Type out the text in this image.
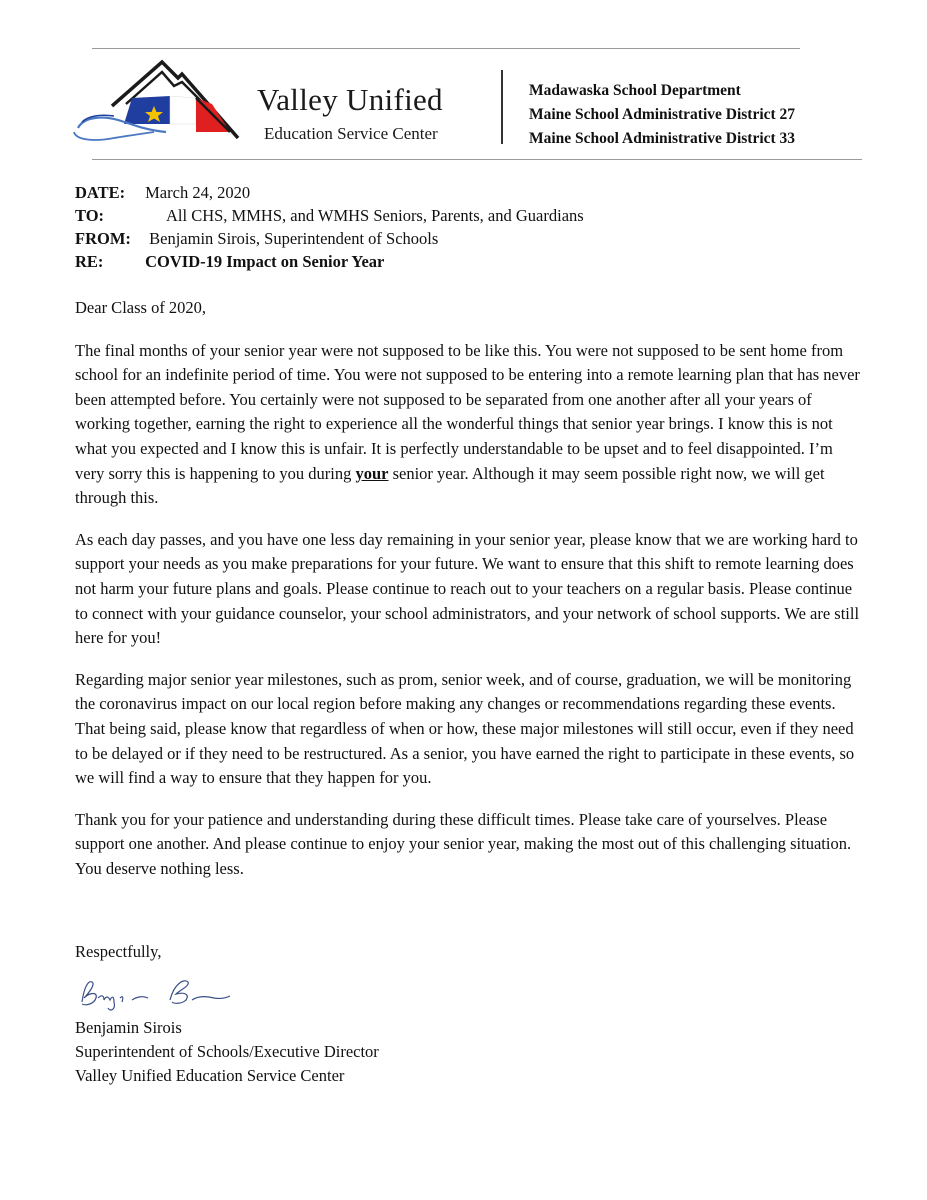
Valley Unified
Education Service Center
Madawaska School Department
Maine School Administrative District 27
Maine School Administrative District 33
DATE: March 24, 2020
TO:	All CHS, MMHS, and WMHS Seniors, Parents, and Guardians
FROM: Benjamin Sirois, Superintendent of Schools
RE:	COVID-19 Impact on Senior Year

Dear Class of 2020,

The final months of your senior year were not supposed to be like this. You were not supposed to be sent home from school for an indefinite period of time. You were not supposed to be entering into a remote learning plan that has never been attempted before. You certainly were not supposed to be separated from one another after all your years of working together, earning the right to experience all the wonderful things that senior year brings. I know this is not what you expected and I know this is unfair. It is perfectly understandable to be upset and to feel disappointed. I’m very sorry this is happening to you during your senior year. Although it may seem possible right now, we will get through this.

As each day passes, and you have one less day remaining in your senior year, please know that we are working hard to support your needs as you make preparations for your future. We want to ensure that this shift to remote learning does not harm your future plans and goals. Please continue to reach out to your teachers on a regular basis. Please continue to connect with your guidance counselor, your school administrators, and your network of school supports. We are still here for you!

Regarding major senior year milestones, such as prom, senior week, and of course, graduation, we will be monitoring the coronavirus impact on our local region before making any changes or recommendations regarding these events. That being said, please know that regardless of when or how, these major milestones will still occur, even if they need to be delayed or if they need to be restructured. As a senior, you have earned the right to participate in these events, so we will find a way to ensure that they happen for you.

Thank you for your patience and understanding during these difficult times. Please take care of yourselves. Please support one another. And please continue to enjoy your senior year, making the most out of this challenging situation. You deserve nothing less.

Respectfully,
Benjamin Sirois
Superintendent of Schools/Executive Director
Valley Unified Education Service Center
